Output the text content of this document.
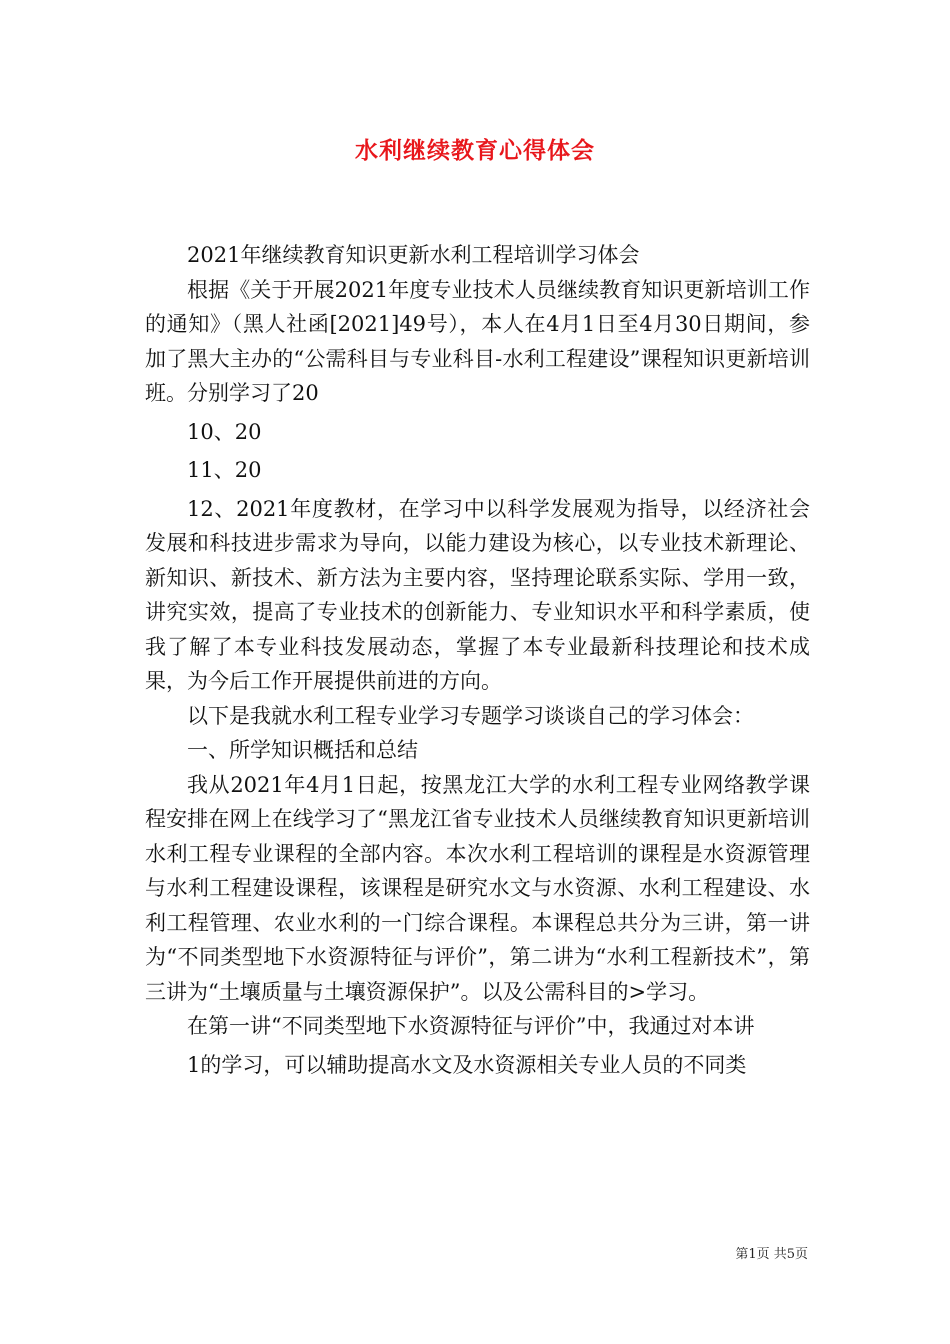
水利继续教育心得体会

2021年继续教育知识更新水利工程培训学习体会

根据《关于开展2021年度专业技术人员继续教育知识更新培训工作的通知》（黑人社函[2021]49号），本人在4月1日至4月30日期间，参加了黑大主办的“公需科目与专业科目-水利工程建设”课程知识更新培训班。分别学习了20

10、20

11、20

12、2021年度教材，在学习中以科学发展观为指导，以经济社会发展和科技进步需求为导向，以能力建设为核心，以专业技术新理论、新知识、新技术、新方法为主要内容，坚持理论联系实际、学用一致，讲究实效，提高了专业技术的创新能力、专业知识水平和科学素质，使我了解了本专业科技发展动态，掌握了本专业最新科技理论和技术成果，为今后工作开展提供前进的方向。

以下是我就水利工程专业学习专题学习谈谈自己的学习体会：

一、所学知识概括和总结

我从2021年4月1日起，按黑龙江大学的水利工程专业网络教学课程安排在网上在线学习了“黑龙江省专业技术人员继续教育知识更新培训水利工程专业课程的全部内容。本次水利工程培训的课程是水资源管理与水利工程建设课程，该课程是研究水文与水资源、水利工程建设、水利工程管理、农业水利的一门综合课程。本课程总共分为三讲，第一讲为“不同类型地下水资源特征与评价”，第二讲为“水利工程新技术”，第三讲为“土壤质量与土壤资源保护”。以及公需科目的>学习。

在第一讲“不同类型地下水资源特征与评价”中，我通过对本讲

1的学习，可以辅助提高水文及水资源相关专业人员的不同类

第1页 共5页
